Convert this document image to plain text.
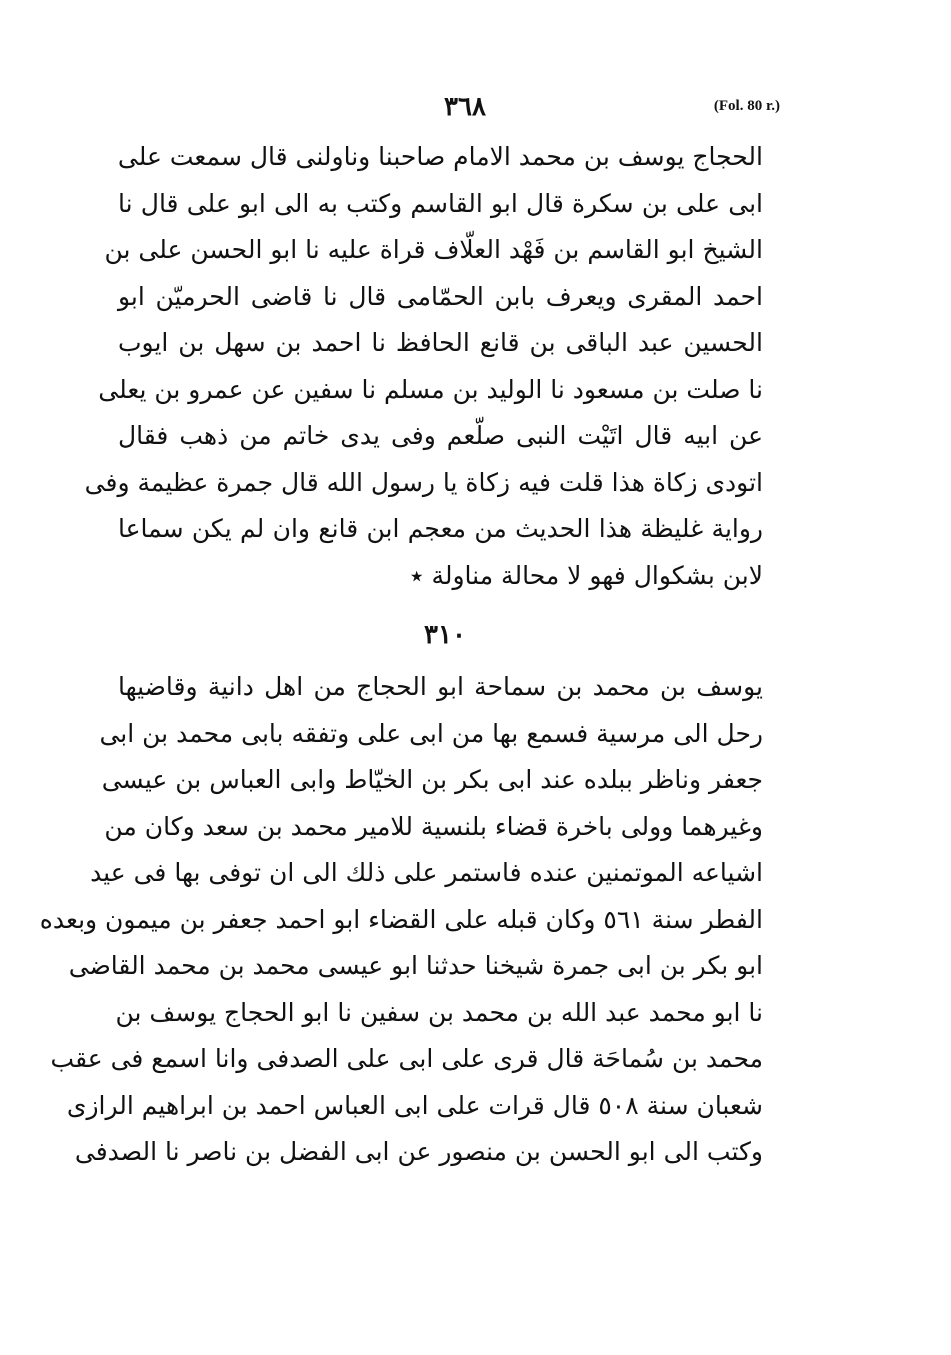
٣٦٨	(Fol. 80 r.)
الحجاج يوسف بن محمد الامام صاحبنا وناولنى قال سمعت على
ابى على بن سكرة قال ابو القاسم وكتب به الى ابو على قال نا
الشيخ ابو القاسم بن فَهْد العلّاف قراة عليه نا ابو الحسن على بن
احمد المقرى ويعرف بابن الحمّامى قال نا قاضى الحرميّن ابو
الحسين عبد الباقى بن قانع الحافظ نا احمد بن سهل بن ايوب
نا صلت بن مسعود نا الوليد بن مسلم نا سفين عن عمرو بن يعلى
عن ابيه قال اتَيْت النبى صلّعم وفى يدى خاتم من ذهب فقال
اتودى زكاة هذا قلت فيه زكاة يا رسول الله قال جمرة عظيمة وفى
رواية غليظة هذا الحديث من معجم ابن قانع وان لم يكن سماعا
لابن بشكوال فهو لا محالة مناولة ٭
٣١٠
يوسف بن محمد بن سماحة ابو الحجاج من اهل دانية وقاضيها
رحل الى مرسية فسمع بها من ابى على وتفقه بابى محمد بن ابى
جعفر وناظر ببلده عند ابى بكر بن الخيّاط وابى العباس بن عيسى
وغيرهما وولى باخرة قضاء بلنسية للامير محمد بن سعد وكان من
اشياعه الموتمنين عنده فاستمر على ذلك الى ان توفى بها فى عيد
الفطر سنة ٥٦١ وكان قبله على القضاء ابو احمد جعفر بن ميمون وبعده
ابو بكر بن ابى جمرة شيخنا حدثنا ابو عيسى محمد بن محمد القاضى
نا ابو محمد عبد الله بن محمد بن سفين نا ابو الحجاج يوسف بن
محمد بن سُماحَة قال قرى على ابى على الصدفى وانا اسمع فى عقب
شعبان سنة ٥٠٨ قال قرات على ابى العباس احمد بن ابراهيم الرازى
وكتب الى ابو الحسن بن منصور عن ابى الفضل بن ناصر نا الصدفى
